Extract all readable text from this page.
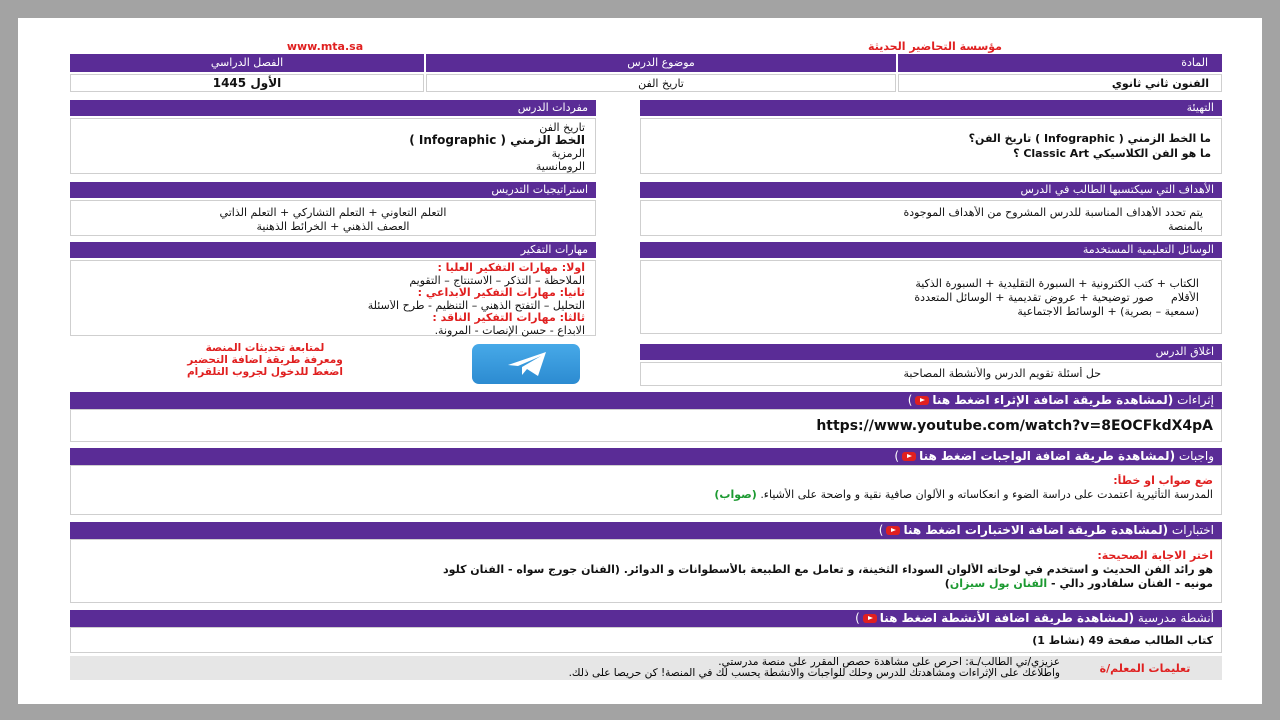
www.mta.sa	مؤسسة التحاضير الحديثة
المادة
موضوع الدرس
الفصل الدراسي
الفنون ثاني ثانوي
تاريخ الفن
الأول 1445
التهيئة
ما الخط الزمني ( Infographic ) تاريخ الفن؟
ما هو الفن الكلاسيكي Classic Art ؟
الأهداف التي سيكتسبها الطالب في الدرس
يتم تحدد الأهداف المناسبة للدرس المشروح من الأهداف الموجودة
بالمنصة
الوسائل التعليمية المستخدمة
الكتاب + كتب الكترونية + السبورة التقليدية + السبورة الذكية
الأقلام     صور توضيحية + عروض تقديمية + الوسائل المتعددة
(سمعية – بصرية) + الوسائط الاجتماعية
اغلاق الدرس
حل أسئلة تقويم الدرس والأنشطة المصاحبة
مفردات الدرس
تاريخ الفن
الخط الزمني ( Infographic )
الرمزية
الرومانسية
استراتيجيات التدريس
التعلم التعاوني + التعلم التشاركي + التعلم الذاتي
العصف الذهني + الخرائط الذهنية
مهارات التفكير
أولا: مهارات التفكير العليا :
الملاحظة – التذكر – الاستنتاج – التقويم
ثانيا: مهارات التفكير الابداعي :
التحليل – التفتح الذهني – التنظيم - طرح الأسئلة
ثالثا: مهارات التفكير الناقد :
الابداع - حسن الإنصات - المرونة.
لمتابعة تحديثات المنصة
ومعرفة طريقة اضافة التحضير
اضغط للدخول لجروب التلقرام
إثراءات (لمشاهدة طريقة اضافة الإثراء اضغط هنا)
https://www.youtube.com/watch?v=8EOCFkdX4pA
واجبات (لمشاهدة طريقة اضافة الواجبات اضغط هنا)
ضع صواب او خطأ:
المدرسة التأثيرية اعتمدت على دراسة الضوء و انعكاساته و الألوان صافية نقية و واضحة على الأشياء. (صواب)
اختبارات (لمشاهدة طريقة اضافة الاختبارات اضغط هنا)
اختر الاجابة الصحيحة:
هو رائد الفن الحديث و استخدم في لوحاته الألوان السوداء الثخينة، و تعامل مع الطبيعة بالأسطوانات و الدوائر. (الفنان جورج سواه - الفنان كلود
مونيه - الفنان سلفادور دالي - الفنان بول سيزان)
أنشطة مدرسية (لمشاهدة طريقة اضافة الأنشطة اضغط هنا)
كتاب الطالب صفحة 49 (نشاط 1)
تعليمات المعلم/ة
عزيزي/تي الطالب/ـة: احرص على مشاهدة حصص المقرر على منصة مدرستي.
واطلاعك على الإثراءات ومشاهدتك للدرس وحلك للواجبات والأنشطة يحسب لك في المنصة! كن حريصا على ذلك.
